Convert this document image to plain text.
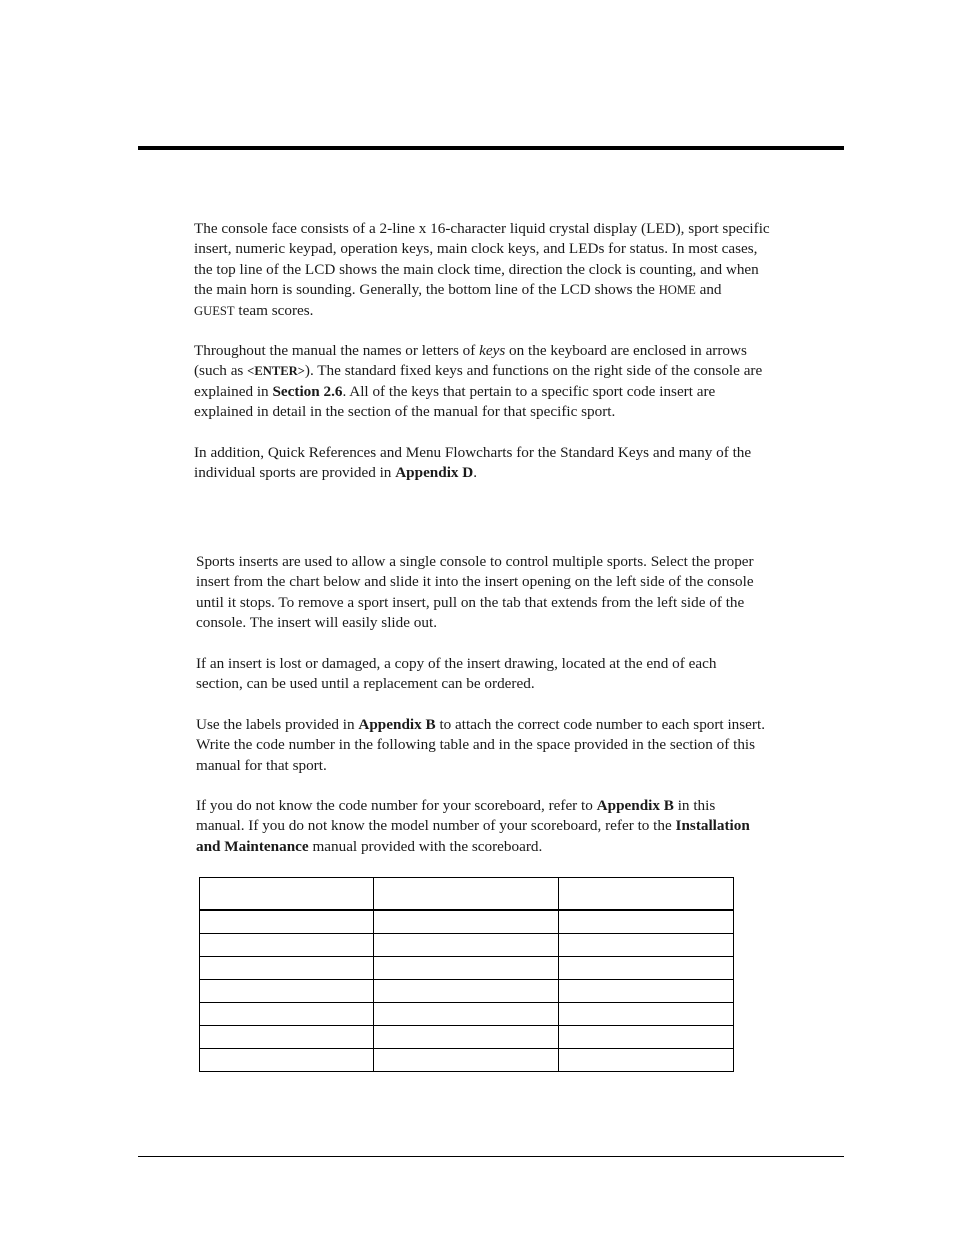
The console face consists of a 2-line x 16-character liquid crystal display (LED), sport specific
insert, numeric keypad, operation keys, main clock keys, and LEDs for status. In most cases,
the top line of the LCD shows the main clock time, direction the clock is counting, and when
the main horn is sounding. Generally, the bottom line of the LCD shows the HOME and
GUEST team scores.

Throughout the manual the names or letters of keys on the keyboard are enclosed in arrows
(such as <ENTER>). The standard fixed keys and functions on the right side of the console are
explained in Section 2.6. All of the keys that pertain to a specific sport code insert are
explained in detail in the section of the manual for that specific sport.

In addition, Quick References and Menu Flowcharts for the Standard Keys and many of the
individual sports are provided in Appendix D.

Sports inserts are used to allow a single console to control multiple sports. Select the proper
insert from the chart below and slide it into the insert opening on the left side of the console
until it stops. To remove a sport insert, pull on the tab that extends from the left side of the
console. The insert will easily slide out.

If an insert is lost or damaged, a copy of the insert drawing, located at the end of each
section, can be used until a replacement can be ordered.

Use the labels provided in Appendix B to attach the correct code number to each sport insert.
Write the code number in the following table and in the space provided in the section of this
manual for that sport.

If you do not know the code number for your scoreboard, refer to Appendix B in this
manual. If you do not know the model number of your scoreboard, refer to the Installation
and Maintenance manual provided with the scoreboard.
